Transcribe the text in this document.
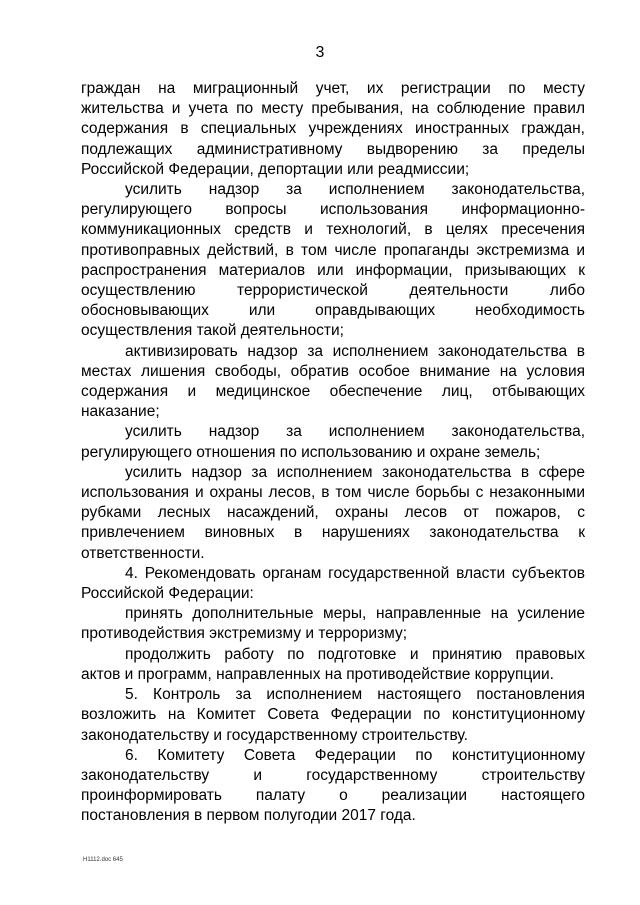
3
граждан на миграционный учет, их регистрации по месту
жительства и учета по месту пребывания, на соблюдение правил
содержания в специальных учреждениях иностранных граждан,
подлежащих административному выдворению за пределы
Российской Федерации, депортации или реадмиссии;
усилить надзор за исполнением законодательства,
регулирующего вопросы использования информационно-
коммуникационных средств и технологий, в целях пресечения
противоправных действий, в том числе пропаганды экстремизма и
распространения материалов или информации, призывающих к
осуществлению террористической деятельности либо
обосновывающих или оправдывающих необходимость
осуществления такой деятельности;
активизировать надзор за исполнением законодательства в
местах лишения свободы, обратив особое внимание на условия
содержания и медицинское обеспечение лиц, отбывающих
наказание;
усилить надзор за исполнением законодательства,
регулирующего отношения по использованию и охране земель;
усилить надзор за исполнением законодательства в сфере
использования и охраны лесов, в том числе борьбы с незаконными
рубками лесных насаждений, охраны лесов от пожаров, с
привлечением виновных в нарушениях законодательства к
ответственности.
4. Рекомендовать органам государственной власти субъектов
Российской Федерации:
принять дополнительные меры, направленные на усиление
противодействия экстремизму и терроризму;
продолжить работу по подготовке и принятию правовых
актов и программ, направленных на противодействие коррупции.
5. Контроль за исполнением настоящего постановления
возложить на Комитет Совета Федерации по конституционному
законодательству и государственному строительству.
6. Комитету Совета Федерации по конституционному
законодательству и государственному строительству
проинформировать палату о реализации настоящего
постановления в первом полугодии 2017 года.
H1112.doc 645
